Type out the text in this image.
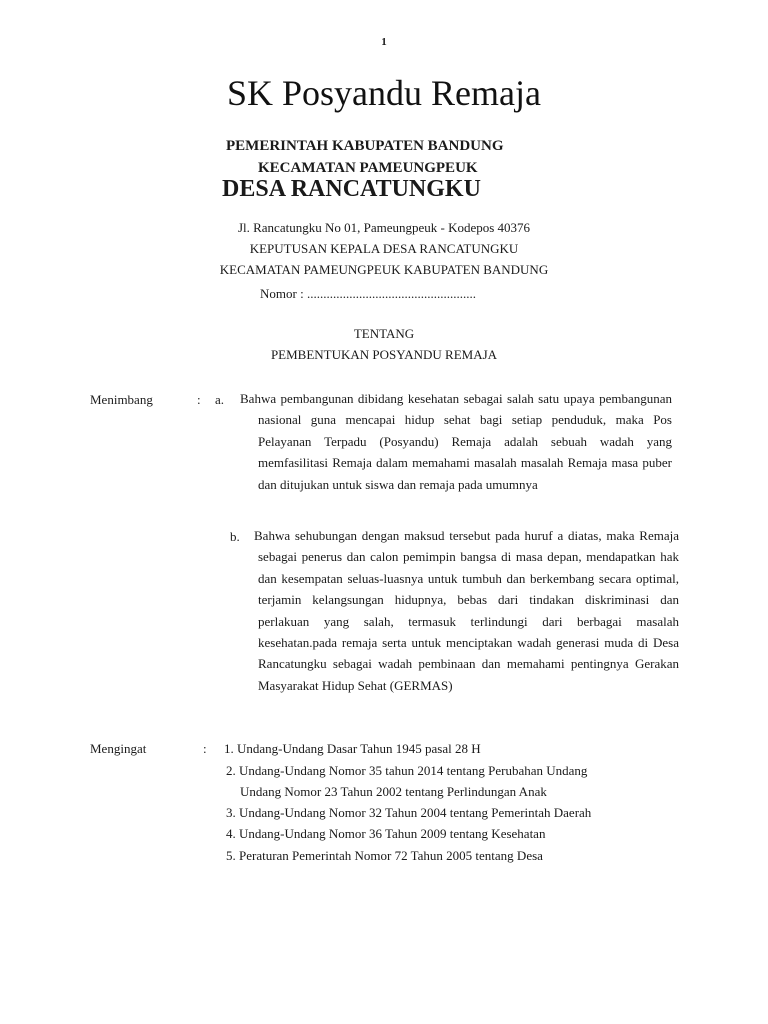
1
SK Posyandu Remaja
PEMERINTAH KABUPATEN BANDUNG
KECAMATAN PAMEUNGPEUK
DESA RANCATUNGKU
Jl. Rancatungku No 01, Pameungpeuk - Kodepos 40376
KEPUTUSAN KEPALA DESA RANCATUNGKU
KECAMATAN PAMEUNGPEUK KABUPATEN BANDUNG
Nomor : ....................................................
TENTANG
PEMBENTUKAN POSYANDU REMAJA
Menimbang	: a. Bahwa pembangunan dibidang kesehatan sebagai salah satu upaya pembangunan nasional guna mencapai hidup sehat bagi setiap penduduk, maka Pos Pelayanan Terpadu (Posyandu) Remaja adalah sebuah wadah yang memfasilitasi Remaja dalam memahami masalah masalah Remaja masa puber dan ditujukan untuk siswa dan remaja pada umumnya
b. Bahwa sehubungan dengan maksud tersebut pada huruf a diatas, maka Remaja sebagai penerus dan calon pemimpin bangsa di masa depan, mendapatkan hak dan kesempatan seluas-luasnya untuk tumbuh dan berkembang secara optimal, terjamin kelangsungan hidupnya, bebas dari tindakan diskriminasi dan perlakuan yang salah, termasuk terlindungi dari berbagai masalah kesehatan.pada remaja serta untuk menciptakan wadah generasi muda di Desa Rancatungku sebagai wadah pembinaan dan memahami pentingnya Gerakan Masyarakat Hidup Sehat (GERMAS)
Mengingat	: 1. Undang-Undang Dasar Tahun 1945 pasal 28 H
2. Undang-Undang Nomor 35 tahun 2014 tentang Perubahan Undang
Undang Nomor 23 Tahun 2002 tentang Perlindungan Anak
3. Undang-Undang Nomor 32 Tahun 2004 tentang Pemerintah Daerah
4. Undang-Undang Nomor 36 Tahun 2009 tentang Kesehatan
5. Peraturan Pemerintah Nomor 72 Tahun 2005 tentang Desa
